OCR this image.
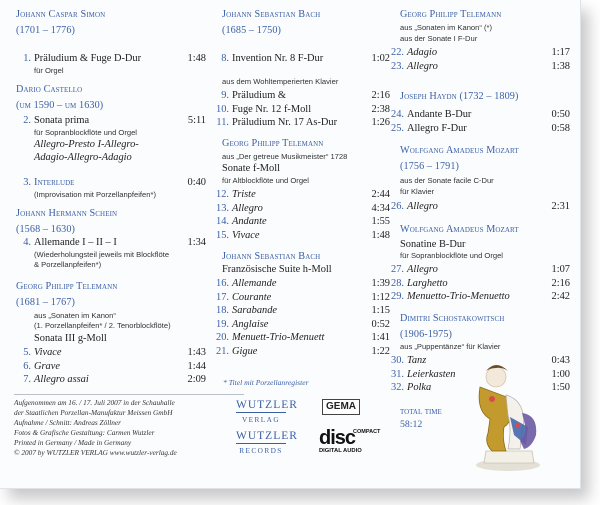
Johann Caspar Simon
(1701 – 1776)
1. Präludium & Fuge D-Dur	1:48
für Orgel
Dario Castello
(um 1590 – um 1630)
2. Sonata prima	5:11
für Sopranblockflöte und Orgel
Allegro-Presto I-Allegro-
Adagio-Allegro-Adagio
3. Interlude	0:40
(Improvisation mit Porzellanpfeifen*)
Johann Hermann Schein
(1568 – 1630)
4. Allemande I – II – I	1:34
(Wiederholungsteil jeweils mit Blockflöte
& Porzellanpfeifen*)
Georg Philipp Telemann
(1681 – 1767)
aus „Sonaten im Kanon“
(1. Porzellanpfeifen* / 2. Tenorblockflöte)
Sonata III g-Moll
5. Vivace	1:43
6. Grave	1:44
7. Allegro assai	2:09
Johann Sebastian Bach
(1685 – 1750)
8. Invention Nr. 8 F-Dur	1:02
aus dem Wohltemperierten Klavier
9. Präludium &	2:16
10. Fuge Nr. 12 f-Moll	2:38
11. Präludium Nr. 17 As-Dur	1:26
Georg Philipp Telemann
aus „Der getreue Musikmeister“ 1728
Sonate f-Moll
für Altblockflöte und Orgel
12. Triste	2:44
13. Allegro	4:34
14. Andante	1:55
15. Vivace	1:48
Johann Sebastian Bach
Französische Suite h-Moll
16. Allemande	1:39
17. Courante	1:12
18. Sarabande	1:15
19. Anglaise	0:52
20. Menuett-Trio-Menuett	1:41
21. Gigue	1:22
* Titel mit Porzellanregister
Georg Philipp Telemann
aus „Sonaten im Kanon“ (*)
aus der Sonate I F-Dur
22. Adagio	1:17
23. Allegro	1:38
Joseph Haydn (1732 – 1809)
24. Andante B-Dur	0:50
25. Allegro F-Dur	0:58
Wolfgang Amadeus Mozart
(1756 – 1791)
aus der Sonate facile C-Dur
für Klavier
26. Allegro	2:31
Wolfgang Amadeus Mozart
Sonatine B-Dur
für Sopranblockflöte und Orgel
27. Allegro	1:07
28. Larghetto	2:16
29. Menuetto-Trio-Menuetto	2:42
Dimitri Schostakowitsch
(1906-1975)
aus „Puppentänze“ für Klavier
30. Tanz	0:43
31. Leierkasten	1:00
32. Polka	1:50
total time
58:12
Aufgenommen am 16. / 17. Juli 2007 in der Schauhalle
der Staatlichen Porzellan-Manufaktur Meissen GmbH
Aufnahme / Schnitt: Andreas Zöllner
Fotos & Grafische Gestaltung: Carmen Wutzler
Printed in Germany / Made in Germany
© 2007 by WUTZLER VERLAG www.wutzler-verlag.de
WUTZLER
VERLAG
WUTZLER
RECORDS
GEMA
disc
COMPACT
DIGITAL AUDIO
